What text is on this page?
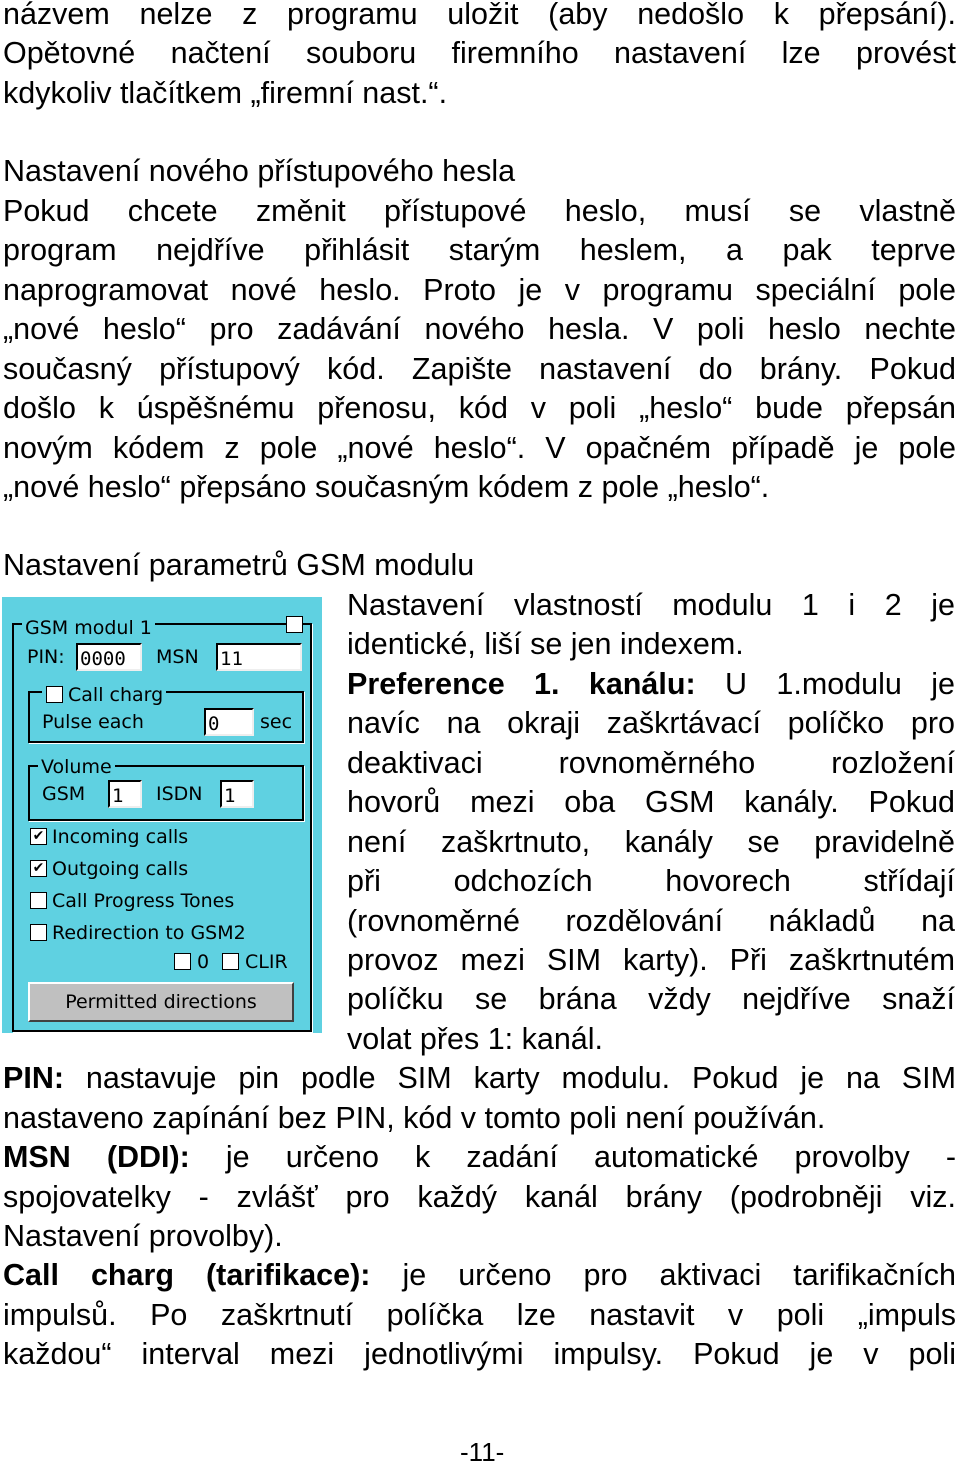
názvem nelze z programu uložit (aby nedošlo k přepsání).
Opětovné načtení souboru firemního nastavení lze provést
kdykoliv tlačítkem „firemní nast.“.
Nastavení nového přístupového hesla
Pokud chcete změnit přístupové heslo, musí se vlastně
program nejdříve přihlásit starým heslem, a pak teprve
naprogramovat nové heslo. Proto je v programu speciální pole
„nové heslo“ pro zadávání nového hesla. V poli heslo nechte
současný přístupový kód. Zapište nastavení do brány. Pokud
došlo k úspěšnému přenosu, kód v poli „heslo“ bude přepsán
novým kódem z pole „nové heslo“. V opačném případě je pole
„nové heslo“ přepsáno současným kódem z pole „heslo“.
Nastavení parametrů GSM modulu
Nastavení vlastností modulu 1 i 2 je
identické, liší se jen indexem.
Preference 1. kanálu: U 1.modulu je
navíc na okraji zaškrtávací políčko pro
deaktivaci rovnoměrného rozložení
hovorů mezi oba GSM kanály. Pokud
není zaškrtnuto, kanály se pravidelně
při odchozích hovorech střídají
(rovnoměrné rozdělování nákladů na
provoz mezi SIM karty). Při zaškrtnutém
políčku se brána vždy nejdříve snaží
volat přes 1: kanál.
PIN: nastavuje pin podle SIM karty modulu. Pokud je na SIM
nastaveno zapínání bez PIN, kód v tomto poli není používán.
MSN (DDI): je určeno k zadání automatické provolby -
spojovatelky - zvlášť pro každý kanál brány (podrobněji viz.
Nastavení provolby).
Call charg (tarifikace): je určeno pro aktivaci tarifikačních
impulsů. Po zaškrtnutí políčka lze nastavit v poli „impuls
každou“ interval mezi jednotlivými impulsy. Pokud je v poli
GSM modul 1
PIN: 0000	MSN 11
Call charg
Pulse each	0	sec
Volume
GSM 1	ISDN 1
✔ Incoming calls
✔ Outgoing calls
Call Progress Tones
Redirection to GSM2
0 CLIR
Permitted directions
-11-
